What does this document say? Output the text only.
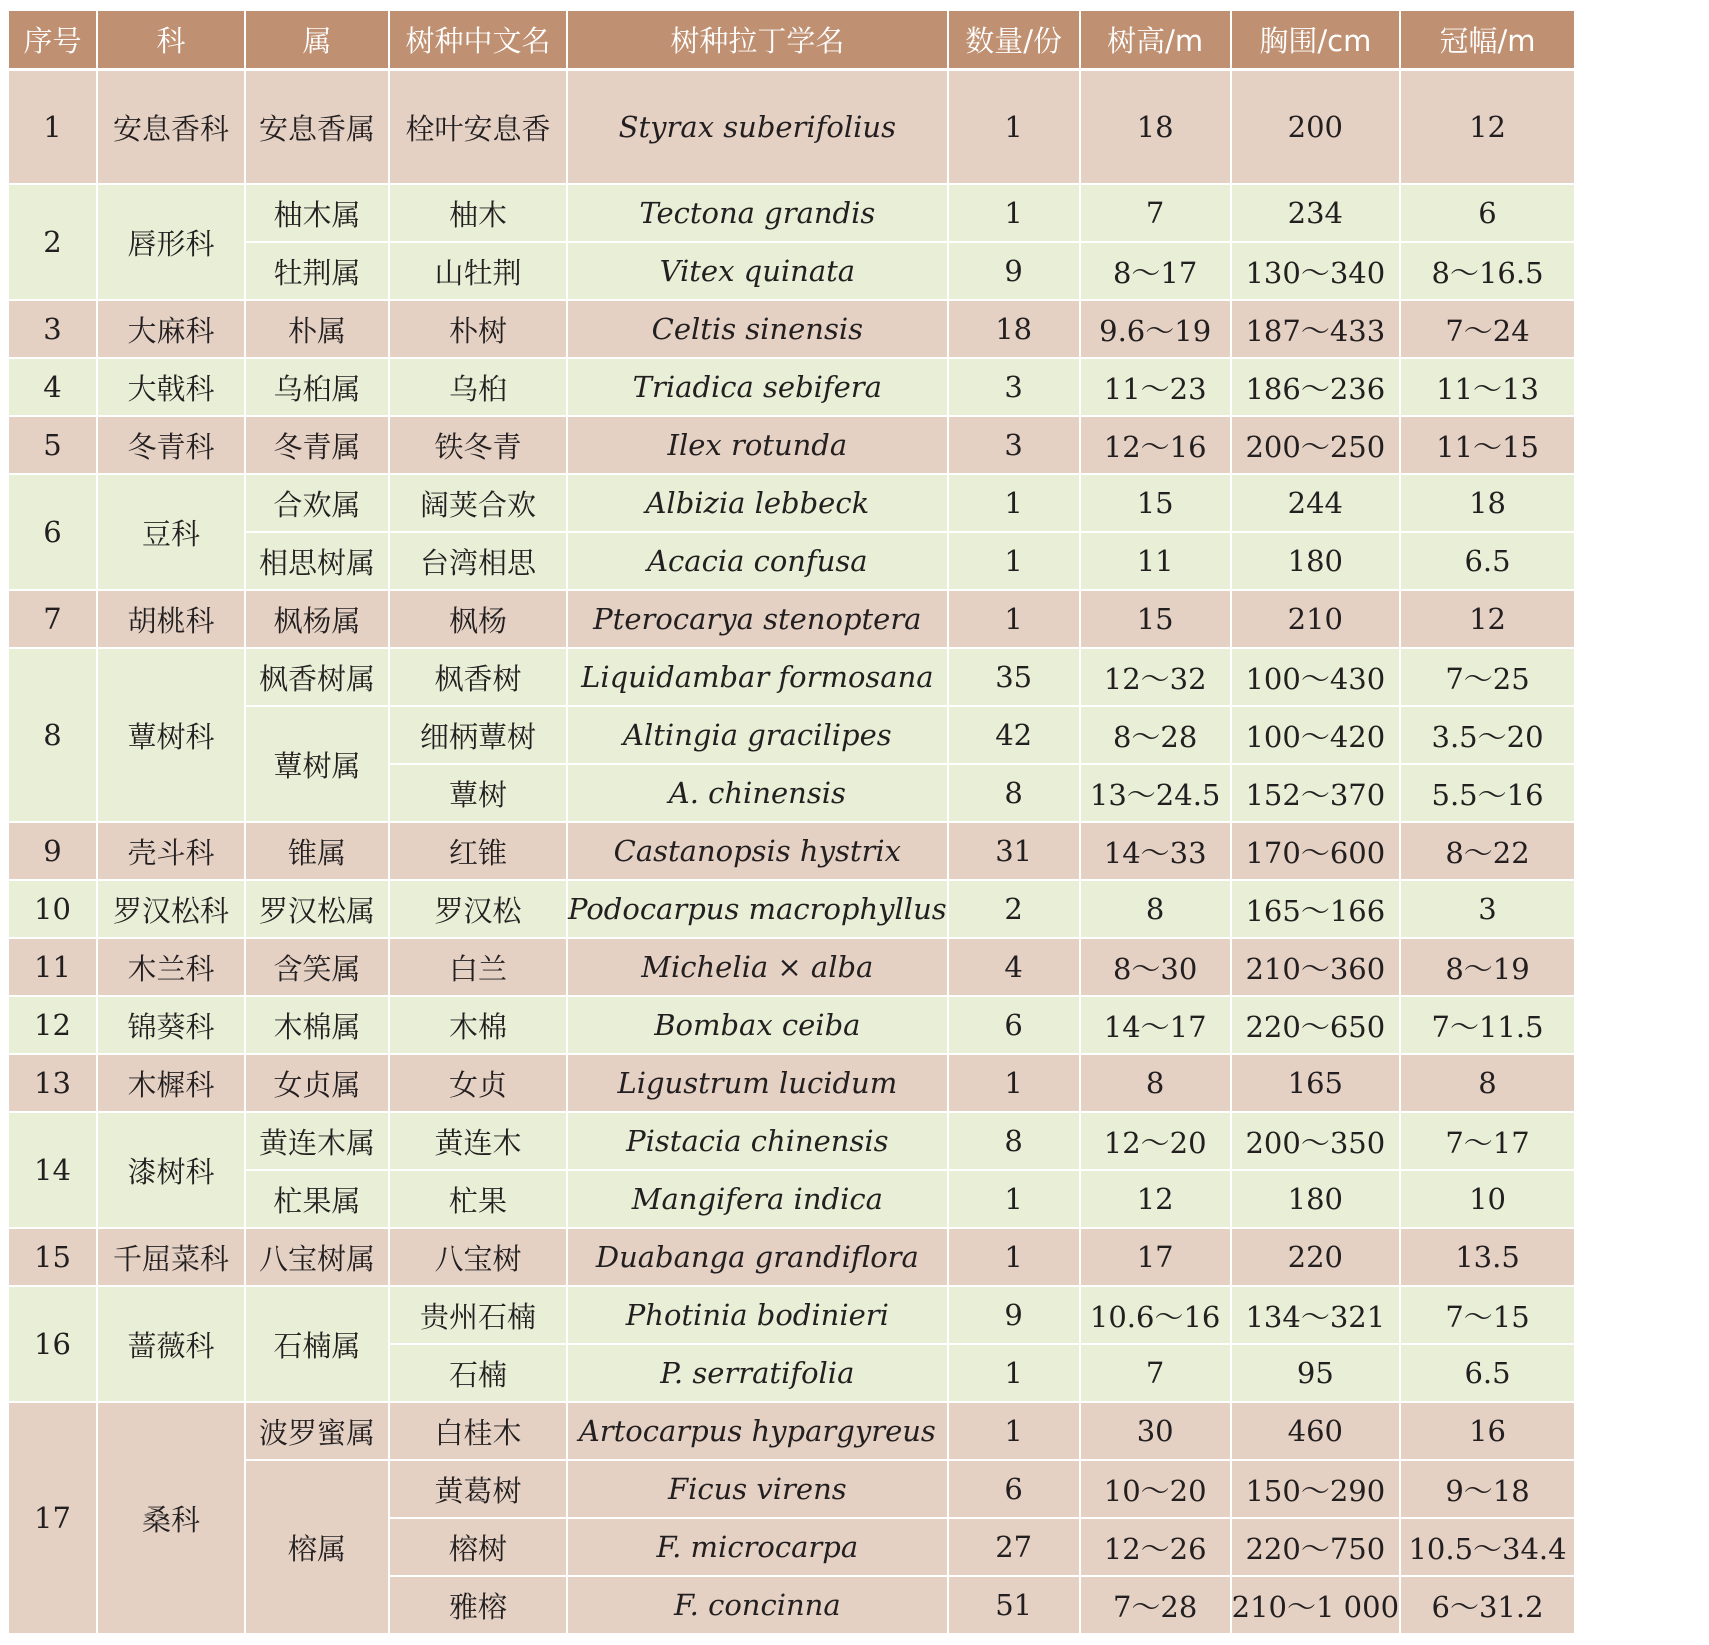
序号	科	属	树种中文名	树种拉丁学名	数量/份	树高/m	胸围/cm	冠幅/m
1	安息香科	安息香属	栓叶安息香	Styrax suberifolius	1	18	200	12
2	唇形科	柚木属	柚木	Tectona grandis	1	7	234	6
		牡荆属	山牡荆	Vitex quinata	9	8～17	130～340	8～16.5
3	大麻科	朴属	朴树	Celtis sinensis	18	9.6～19	187～433	7～24
4	大戟科	乌桕属	乌桕	Triadica sebifera	3	11～23	186～236	11～13
5	冬青科	冬青属	铁冬青	Ilex rotunda	3	12～16	200～250	11～15
6	豆科	合欢属	阔荚合欢	Albizia lebbeck	1	15	244	18
		相思树属	台湾相思	Acacia confusa	1	11	180	6.5
7	胡桃科	枫杨属	枫杨	Pterocarya stenoptera	1	15	210	12
8	蕈树科	枫香树属	枫香树	Liquidambar formosana	35	12～32	100～430	7～25
		蕈树属	细柄蕈树	Altingia gracilipes	42	8～28	100～420	3.5～20
			蕈树	A. chinensis	8	13～24.5	152～370	5.5～16
9	壳斗科	锥属	红锥	Castanopsis hystrix	31	14～33	170～600	8～22
10	罗汉松科	罗汉松属	罗汉松	Podocarpus macrophyllus	2	8	165～166	3
11	木兰科	含笑属	白兰	Michelia × alba	4	8～30	210～360	8～19
12	锦葵科	木棉属	木棉	Bombax ceiba	6	14～17	220～650	7～11.5
13	木樨科	女贞属	女贞	Ligustrum lucidum	1	8	165	8
14	漆树科	黄连木属	黄连木	Pistacia chinensis	8	12～20	200～350	7～17
		杧果属	杧果	Mangifera indica	1	12	180	10
15	千屈菜科	八宝树属	八宝树	Duabanga grandiflora	1	17	220	13.5
16	蔷薇科	石楠属	贵州石楠	Photinia bodinieri	9	10.6～16	134～321	7～15
			石楠	P. serratifolia	1	7	95	6.5
17	桑科	波罗蜜属	白桂木	Artocarpus hypargyreus	1	30	460	16
		榕属	黄葛树	Ficus virens	6	10～20	150～290	9～18
			榕树	F. microcarpa	27	12～26	220～750	10.5～34.4
			雅榕	F. concinna	51	7～28	210～1 000	6～31.2
